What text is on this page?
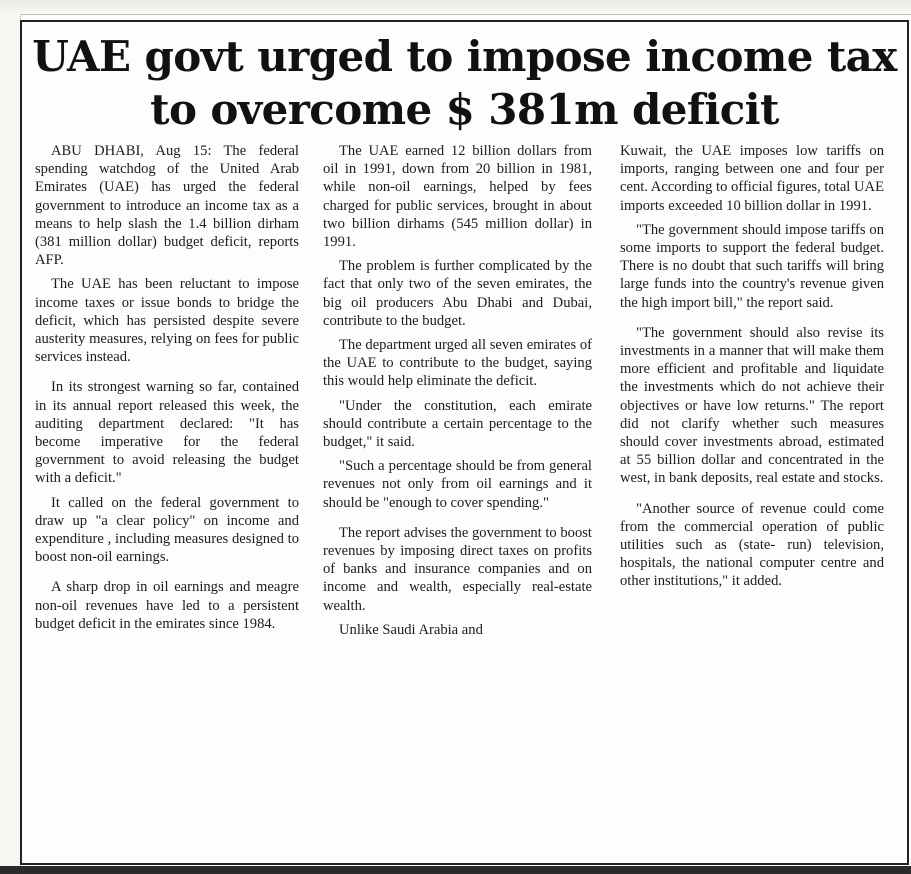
UAE govt urged to impose income tax to overcome $ 381m deficit

ABU DHABI, Aug 15: The federal spending watchdog of the United Arab Emirates (UAE) has urged the federal government to introduce an income tax as a means to help slash the 1.4 billion dirham (381 million dollar) budget deficit, reports AFP.

The UAE has been reluctant to impose income taxes or issue bonds to bridge the deficit, which has persisted despite severe austerity measures, relying on fees for public services instead.

In its strongest warning so far, contained in its annual report released this week, the auditing department declared: "It has become imperative for the federal government to avoid releasing the budget with a deficit."

It called on the federal government to draw up "a clear policy" on income and expenditure , including measures designed to boost non-oil earnings.

A sharp drop in oil earnings and meagre non-oil revenues have led to a persistent budget deficit in the emirates since 1984.

The UAE earned 12 billion dollars from oil in 1991, down from 20 billion in 1981, while non-oil earnings, helped by fees charged for public services, brought in about two billion dirhams (545 million dollar) in 1991.

The problem is further complicated by the fact that only two of the seven emirates, the big oil producers Abu Dhabi and Dubai, contribute to the budget.

The department urged all seven emirates of the UAE to contribute to the budget, saying this would help eliminate the deficit.

"Under the constitution, each emirate should contribute a certain percentage to the budget," it said.

"Such a percentage should be from general revenues not only from oil earnings and it should be "enough to cover spending."

The report advises the government to boost revenues by imposing direct taxes on profits of banks and insurance companies and on income and wealth, especially real-estate wealth.

Unlike Saudi Arabia and

Kuwait, the UAE imposes low tariffs on imports, ranging between one and four per cent. According to official figures, total UAE imports exceeded 10 billion dollar in 1991.

"The government should impose tariffs on some imports to support the federal budget. There is no doubt that such tariffs will bring large funds into the country's revenue given the high import bill," the report said.

"The government should also revise its investments in a manner that will make them more efficient and profitable and liquidate the investments which do not achieve their objectives or have low returns." The report did not clarify whether such measures should cover investments abroad, estimated at 55 billion dollar and concentrated in the west, in bank deposits, real estate and stocks.

"Another source of revenue could come from the commercial operation of public utilities such as (state- run) television, hospitals, the national computer centre and other institutions," it added.
